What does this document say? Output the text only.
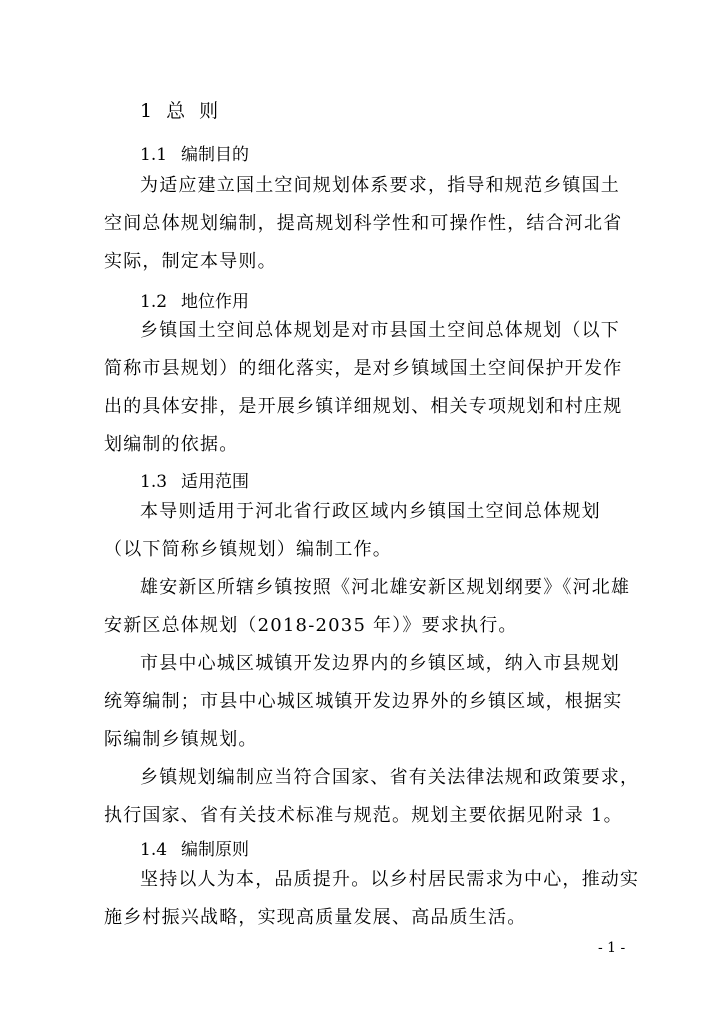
1 总 则
1.1 编制目的
为适应建立国土空间规划体系要求，指导和规范乡镇国土
空间总体规划编制，提高规划科学性和可操作性，结合河北省
实际，制定本导则。
1.2 地位作用
乡镇国土空间总体规划是对市县国土空间总体规划（以下
简称市县规划）的细化落实，是对乡镇域国土空间保护开发作
出的具体安排，是开展乡镇详细规划、相关专项规划和村庄规
划编制的依据。
1.3 适用范围
本导则适用于河北省行政区域内乡镇国土空间总体规划
（以下简称乡镇规划）编制工作。
雄安新区所辖乡镇按照《河北雄安新区规划纲要》《河北雄
安新区总体规划（2018-2035 年）》要求执行。
市县中心城区城镇开发边界内的乡镇区域，纳入市县规划
统筹编制；市县中心城区城镇开发边界外的乡镇区域，根据实
际编制乡镇规划。
乡镇规划编制应当符合国家、省有关法律法规和政策要求，
执行国家、省有关技术标准与规范。规划主要依据见附录 1。
1.4 编制原则
坚持以人为本，品质提升。以乡村居民需求为中心，推动实
施乡村振兴战略，实现高质量发展、高品质生活。
- 1 -
